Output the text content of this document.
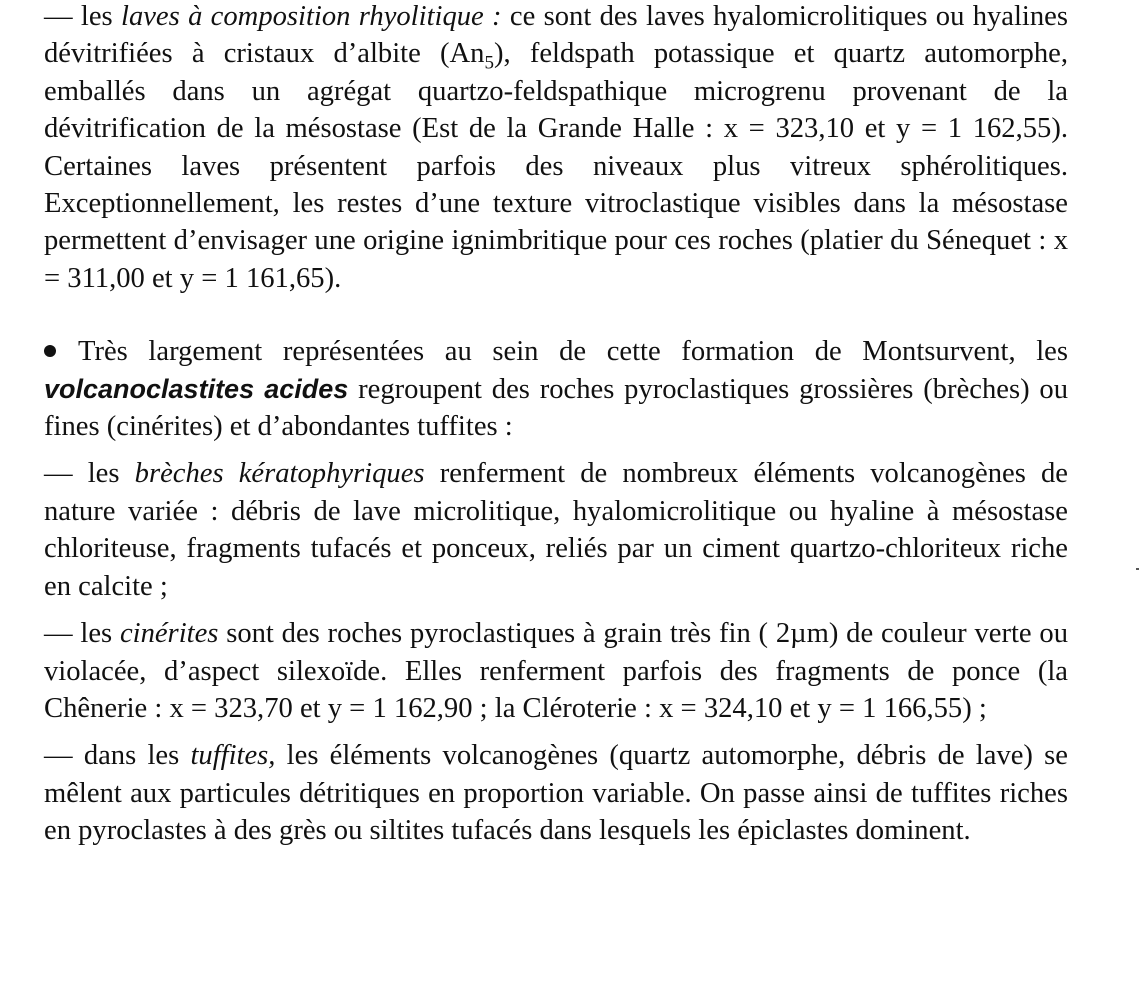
— les laves à composition rhyolitique : ce sont des laves hyalomicrolitiques ou hyalines dévitrifiées à cristaux d’albite $(An_5)$, feldspath potassique et quartz automorphe, emballés dans un agrégat quartzo-feldspathique microgrenu provenant de la dévitrification de la mésostase (Est de la Grande Halle : x = 323,10 et y = 1 162,55). Certaines laves présentent parfois des niveaux plus vitreux sphérolitiques. Exceptionnellement, les restes d’une texture vitroclastique visibles dans la mésostase permettent d’envisager une origine ignimbritique pour ces roches (platier du Sénequet : x = 311,00 et y = 1 161,65).

Très largement représentées au sein de cette formation de Montsurvent, les volcanoclastites acides regroupent des roches pyroclastiques grossières (brèches) ou fines (cinérites) et d’abondantes tuffites :

— les brèches kératophyriques renferment de nombreux éléments volcanogènes de nature variée : débris de lave microlitique, hyalomicrolitique ou hyaline à mésostase chloriteuse, fragments tufacés et ponceux, reliés par un ciment quartzo-chloriteux riche en calcite ;

— les cinérites sont des roches pyroclastiques à grain très fin ( 2µm) de couleur verte ou violacée, d’aspect silexoïde. Elles renferment parfois des fragments de ponce (la Chênerie : x = 323,70 et y = 1 162,90 ; la Cléroterie : x = 324,10 et y = 1 166,55) ;

— dans les tuffites, les éléments volcanogènes (quartz automorphe, débris de lave) se mêlent aux particules détritiques en proportion variable. On passe ainsi de tuffites riches en pyroclastes à des grès ou siltites tufacés dans lesquels les épiclastes dominent.
